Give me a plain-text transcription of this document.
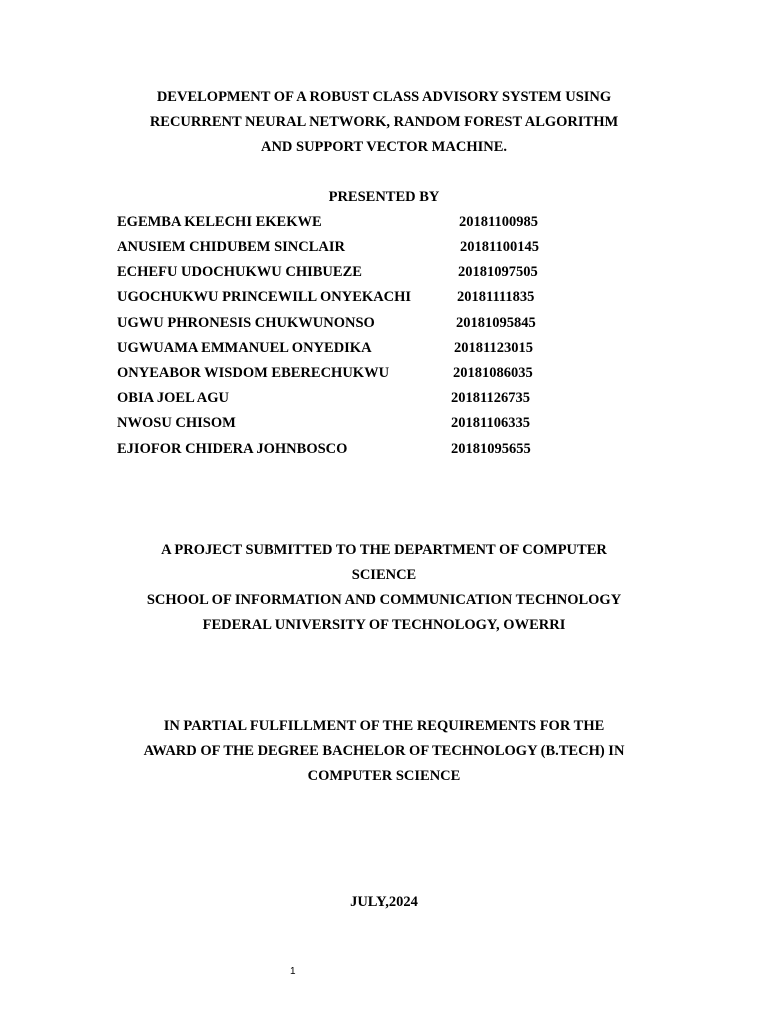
DEVELOPMENT OF A ROBUST CLASS ADVISORY SYSTEM USING
RECURRENT NEURAL NETWORK, RANDOM FOREST ALGORITHM
AND SUPPORT VECTOR MACHINE.
PRESENTED BY
EGEMBA KELECHI EKEKWE	20181100985
ANUSIEM CHIDUBEM SINCLAIR	20181100145
ECHEFU UDOCHUKWU CHIBUEZE	20181097505
UGOCHUKWU PRINCEWILL ONYEKACHI	20181111835
UGWU PHRONESIS CHUKWUNONSO	20181095845
UGWUAMA EMMANUEL ONYEDIKA	20181123015
ONYEABOR WISDOM EBERECHUKWU	20181086035
OBIA JOEL AGU	20181126735
NWOSU CHISOM	20181106335
EJIOFOR CHIDERA JOHNBOSCO	20181095655
A PROJECT SUBMITTED TO THE DEPARTMENT OF COMPUTER
SCIENCE
SCHOOL OF INFORMATION AND COMMUNICATION TECHNOLOGY
FEDERAL UNIVERSITY OF TECHNOLOGY, OWERRI
IN PARTIAL FULFILLMENT OF THE REQUIREMENTS FOR THE
AWARD OF THE DEGREE BACHELOR OF TECHNOLOGY (B.TECH) IN
COMPUTER SCIENCE
JULY,2024
1
